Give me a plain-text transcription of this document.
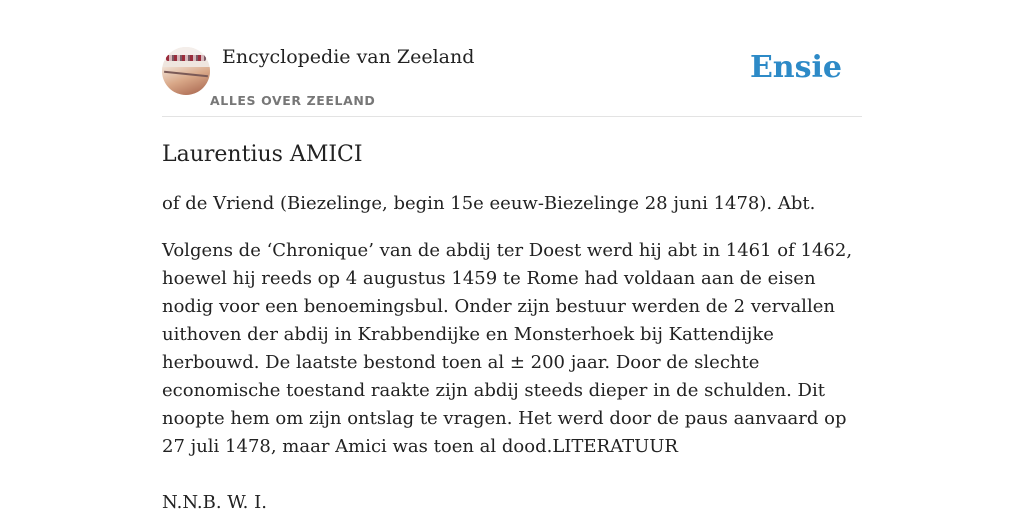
Encyclopedie van Zeeland
ALLES OVER ZEELAND
Ensie
Laurentius AMICI

of de Vriend (Biezelinge, begin 15e eeuw-Biezelinge 28 juni 1478). Abt.

Volgens de ‘Chronique’ van de abdij ter Doest werd hij abt in 1461 of 1462, hoewel hij reeds op 4 augustus 1459 te Rome had voldaan aan de eisen nodig voor een benoemingsbul. Onder zijn bestuur werden de 2 vervallen uithoven der abdij in Krabbendijke en Monsterhoek bij Kattendijke herbouwd. De laatste bestond toen al ± 200 jaar. Door de slechte economische toestand raakte zijn abdij steeds dieper in de schulden. Dit noopte hem om zijn ontslag te vragen. Het werd door de paus aanvaard op 27 juli 1478, maar Amici was toen al dood.LITERATUUR

N.N.B. W. I.
